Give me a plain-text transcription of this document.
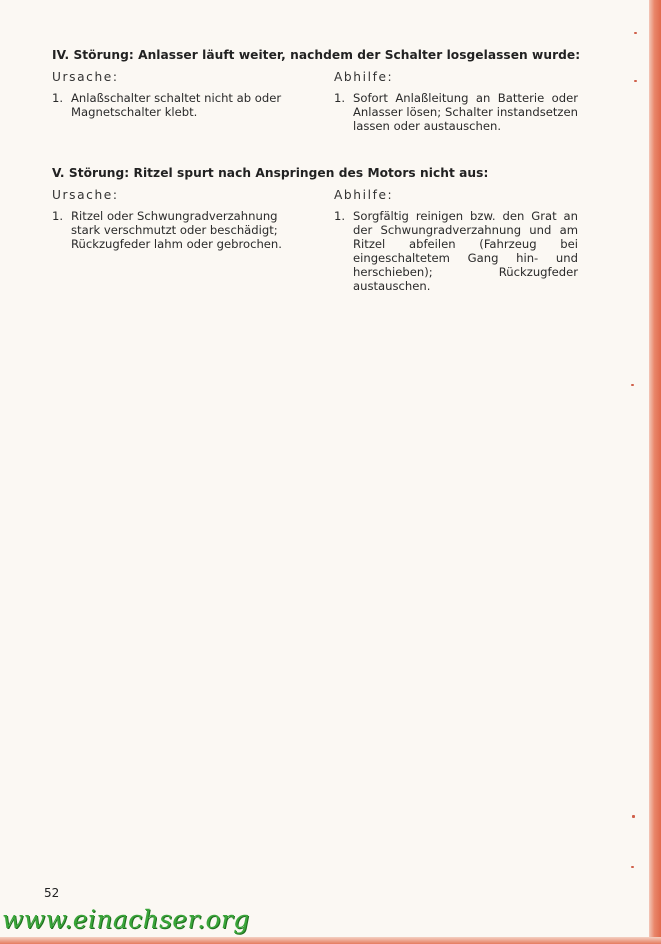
IV. Störung: Anlasser läuft weiter, nachdem der Schalter losgelassen wurde:

Ursache:

1. Anlaßschalter schaltet nicht ab oder Magnetschalter klebt.

Abhilfe:

1. Sofort Anlaßleitung an Batterie oder Anlasser lösen; Schalter instandsetzen lassen oder austauschen.
V. Störung: Ritzel spurt nach Anspringen des Motors nicht aus:

Ursache:

1. Ritzel oder Schwungradverzahnung stark verschmutzt oder beschädigt; Rückzugfeder lahm oder gebrochen.

Abhilfe:

1. Sorgfältig reinigen bzw. den Grat an der Schwungradverzahnung und am Ritzel abfeilen (Fahrzeug bei eingeschaltetem Gang hin- und herschieben); Rückzugfeder austauschen.
52
www.einachser.org
